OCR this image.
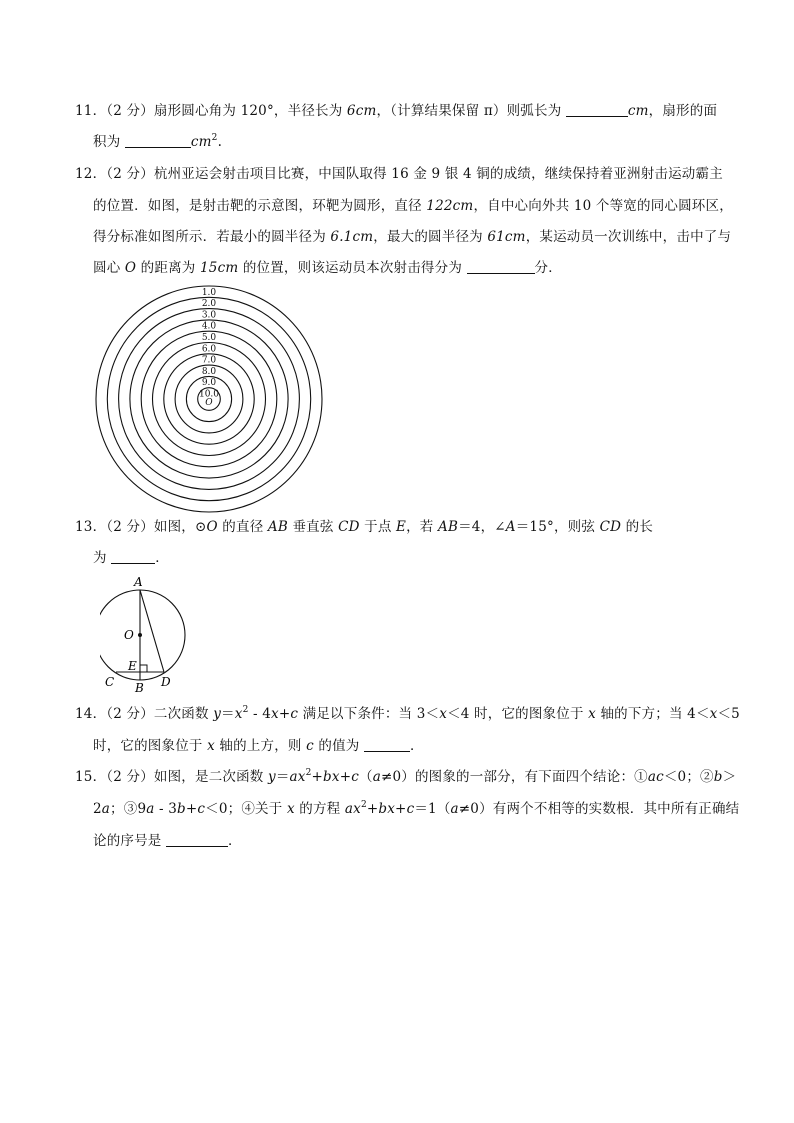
11．（2 分）扇形圆心角为 120°，半径长为 6cm，（计算结果保留 π）则弧长为	cm，扇形的面
积为	$cm^2$.
12．（2 分）杭州亚运会射击项目比赛，中国队取得 16 金 9 银 4 铜的成绩，继续保持着亚洲射击运动霸主
的位置．如图，是射击靶的示意图，环靶为圆形，直径 122cm，自中心向外共 10 个等宽的同心圆环区，
得分标准如图所示．若最小的圆半径为 6.1cm，最大的圆半径为 61cm，某运动员一次训练中，击中了与
圆心 O 的距离为 15cm 的位置，则该运动员本次射击得分为	分．
1.0
2.0
3.0
4.0
5.0
6.0
7.0
8.0
9.0
10.0
O
13．（2 分）如图，⊙O 的直径 AB 垂直弦 CD 于点 E，若 AB＝4，∠A＝15°，则弦 CD 的长
为	．
A
O
E
C B D
14．（2 分）二次函数 $y=x^2 - 4x+c$ 满足以下条件：当 3＜x＜4 时，它的图象位于 x 轴的下方；当 4＜x＜5
时，它的图象位于 x 轴的上方，则 c 的值为	．
15．（2 分）如图，是二次函数 $y=ax^2+bx+c(a\ne 0)$的图象的一部分，有下面四个结论：①ac＜0；②b＞
2a；③9a - 3b+c＜0；④关于 x 的方程 $ax^2+bx+c=1(a\ne 0)$有两个不相等的实数根．其中所有正确结
论的序号是	．
